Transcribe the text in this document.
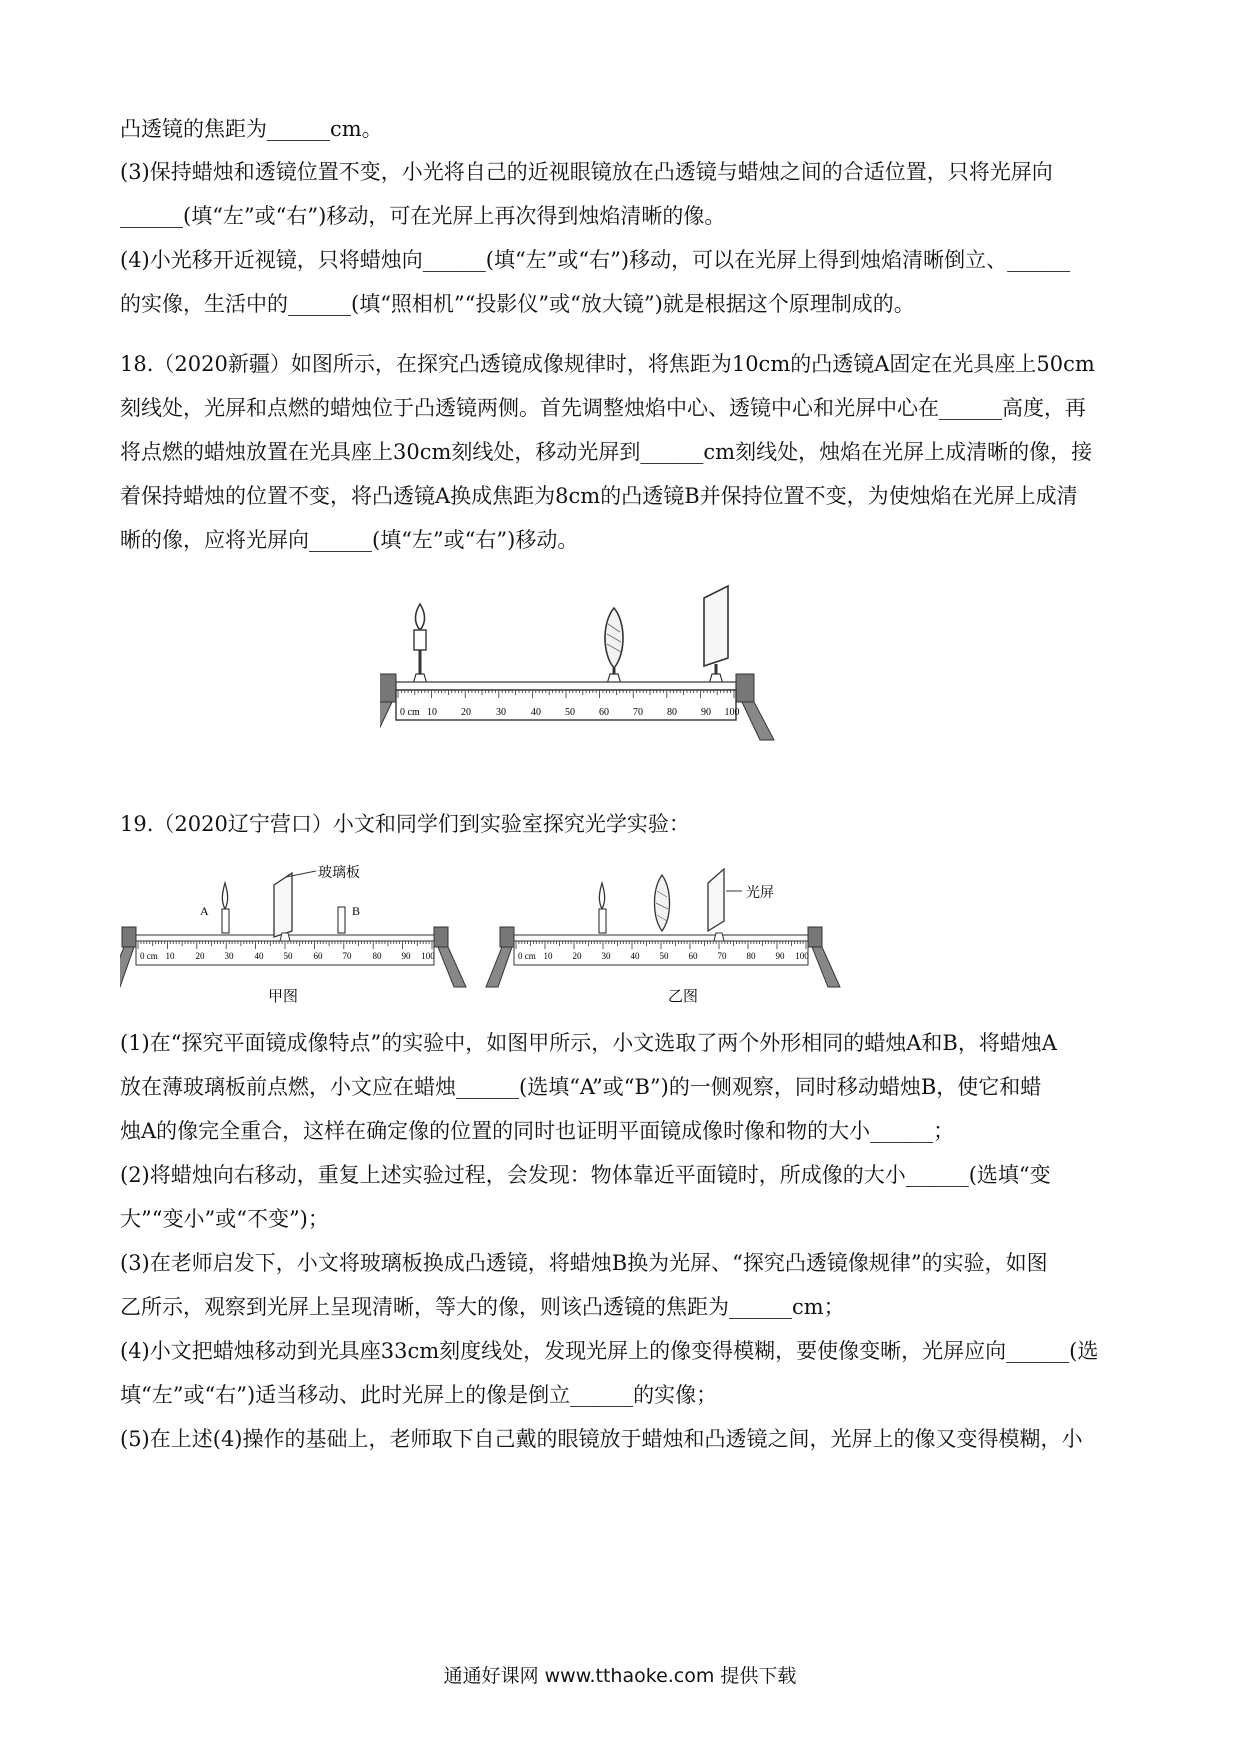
凸透镜的焦距为______cm。
(3)保持蜡烛和透镜位置不变，小光将自己的近视眼镜放在凸透镜与蜡烛之间的合适位置，只将光屏向
______(填“左”或“右”)移动，可在光屏上再次得到烛焰清晰的像。
(4)小光移开近视镜，只将蜡烛向______(填“左”或“右”)移动，可以在光屏上得到烛焰清晰倒立、______
的实像，生活中的______(填“照相机”“投影仪”或“放大镜”)就是根据这个原理制成的。
18.（2020新疆）如图所示，在探究凸透镜成像规律时，将焦距为10cm的凸透镜A固定在光具座上50cm
刻线处，光屏和点燃的蜡烛位于凸透镜两侧。首先调整烛焰中心、透镜中心和光屏中心在______高度，再
将点燃的蜡烛放置在光具座上30cm刻线处，移动光屏到______cm刻线处，烛焰在光屏上成清晰的像，接
着保持蜡烛的位置不变，将凸透镜A换成焦距为8cm的凸透镜B并保持位置不变，为使烛焰在光屏上成清
晰的像，应将光屏向______(填“左”或“右”)移动。
0 cm 10 20	30	40 50 60 70 80 90 100
19.（2020辽宁营口）小文和同学们到实验室探究光学实验：
0 cm 10 20 30 40 50 60 70 80 90 100
A
玻璃板
B
甲图
0 cm 10 20 30 40 50 60 70 80 90 100
光屏
乙图
(1)在“探究平面镜成像特点”的实验中，如图甲所示，小文选取了两个外形相同的蜡烛A和B，将蜡烛A
放在薄玻璃板前点燃，小文应在蜡烛______(选填“A”或“B”)的一侧观察，同时移动蜡烛B，使它和蜡
烛A的像完全重合，这样在确定像的位置的同时也证明平面镜成像时像和物的大小______；
(2)将蜡烛向右移动，重复上述实验过程，会发现：物体靠近平面镜时，所成像的大小______(选填“变
大”“变小”或“不变”)；
(3)在老师启发下，小文将玻璃板换成凸透镜，将蜡烛B换为光屏、“探究凸透镜像规律”的实验，如图
乙所示，观察到光屏上呈现清晰，等大的像，则该凸透镜的焦距为______cm；
(4)小文把蜡烛移动到光具座33cm刻度线处，发现光屏上的像变得模糊，要使像变晰，光屏应向______(选
填“左”或“右”)适当移动、此时光屏上的像是倒立______的实像；
(5)在上述(4)操作的基础上，老师取下自己戴的眼镜放于蜡烛和凸透镜之间，光屏上的像又变得模糊，小
通通好课网 www.tthaoke.com 提供下载
